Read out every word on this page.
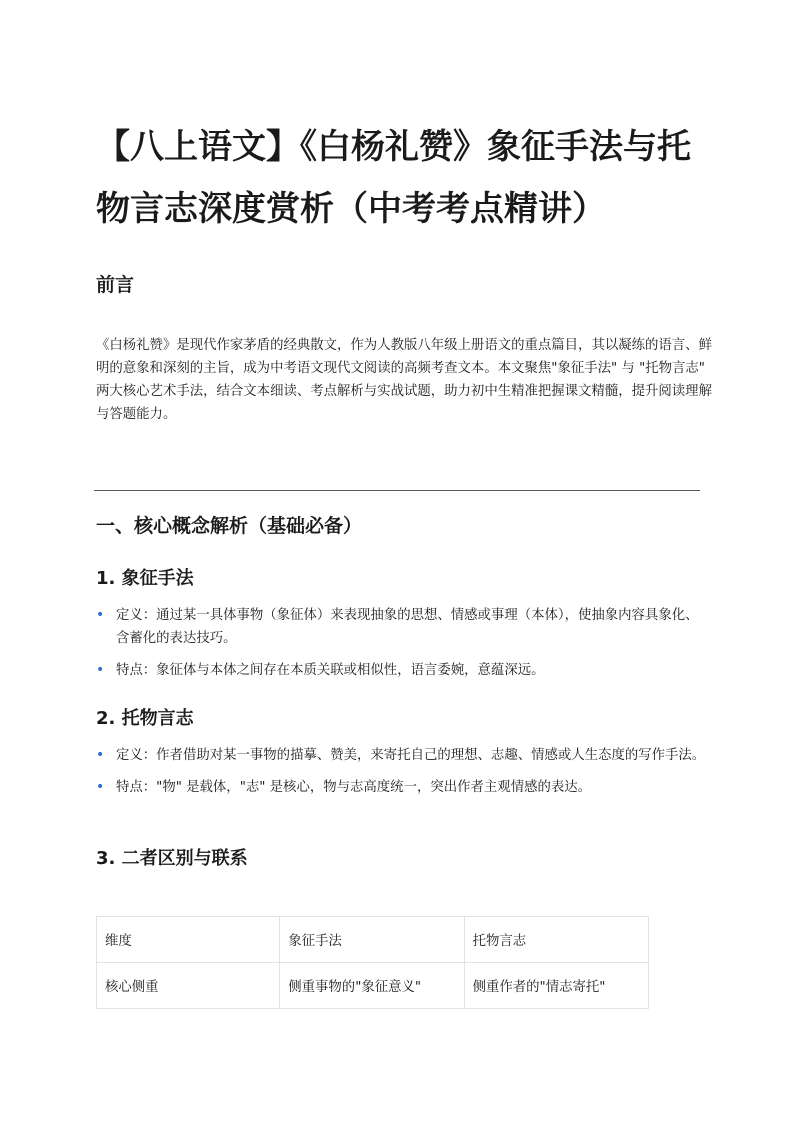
【八上语文】《白杨礼赞》象征手法与托物言志深度赏析（中考考点精讲）
前言

《白杨礼赞》是现代作家茅盾的经典散文，作为人教版八年级上册语文的重点篇目，其以凝练的语言、鲜明的意象和深刻的主旨，成为中考语文现代文阅读的高频考查文本。本文聚焦"象征手法" 与 "托物言志" 两大核心艺术手法，结合文本细读、考点解析与实战试题，助力初中生精准把握课文精髓，提升阅读理解与答题能力。

一、核心概念解析（基础必备）
1. 象征手法
• 定义：通过某一具体事物（象征体）来表现抽象的思想、情感或事理（本体），使抽象内容具象化、含蓄化的表达技巧。
• 特点：象征体与本体之间存在本质关联或相似性，语言委婉，意蕴深远。
2. 托物言志
• 定义：作者借助对某一事物的描摹、赞美，来寄托自己的理想、志趣、情感或人生态度的写作手法。
• 特点："物" 是载体，"志" 是核心，物与志高度统一，突出作者主观情感的表达。
3. 二者区别与联系
维度	象征手法	托物言志
核心侧重	侧重事物的"象征意义"	侧重作者的"情志寄托"
